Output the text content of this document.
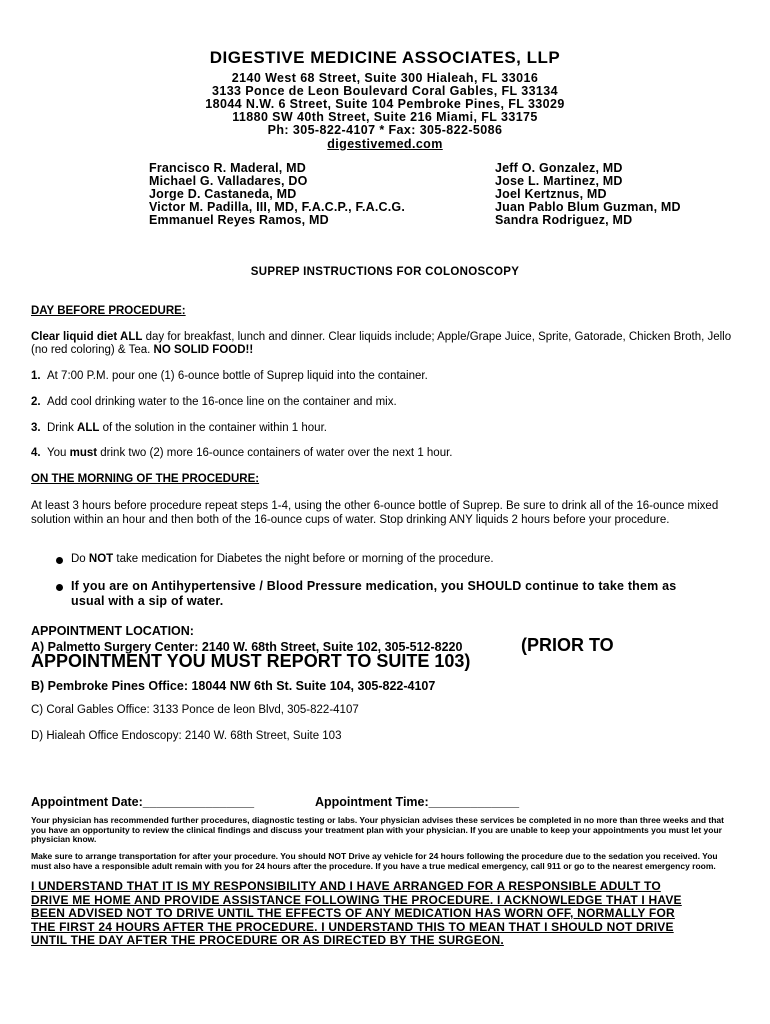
DIGESTIVE MEDICINE ASSOCIATES, LLP
2140 West 68 Street, Suite 300 Hialeah, FL 33016
3133 Ponce de Leon Boulevard Coral Gables, FL 33134
18044 N.W. 6 Street, Suite 104 Pembroke Pines, FL 33029
11880 SW 40th Street, Suite 216 Miami, FL 33175
Ph: 305-822-4107 * Fax: 305-822-5086
digestivemed.com
Francisco R. Maderal, MD
Michael G. Valladares, DO
Jorge D. Castaneda, MD
Victor M. Padilla, III, MD, F.A.C.P., F.A.C.G.
Emmanuel Reyes Ramos, MD
Jeff O. Gonzalez, MD
Jose L. Martinez, MD
Joel Kertznus, MD
Juan Pablo Blum Guzman, MD
Sandra Rodriguez, MD
SUPREP INSTRUCTIONS FOR COLONOSCOPY
DAY BEFORE PROCEDURE:
Clear liquid diet ALL day for breakfast, lunch and dinner. Clear liquids include; Apple/Grape Juice, Sprite, Gatorade, Chicken Broth, Jello (no red coloring) & Tea. NO SOLID FOOD!!
1. At 7:00 P.M. pour one (1) 6-ounce bottle of Suprep liquid into the container.
2. Add cool drinking water to the 16-once line on the container and mix.
3. Drink ALL of the solution in the container within 1 hour.
4. You must drink two (2) more 16-ounce containers of water over the next 1 hour.
ON THE MORNING OF THE PROCEDURE:
At least 3 hours before procedure repeat steps 1-4, using the other 6-ounce bottle of Suprep. Be sure to drink all of the 16-ounce mixed solution within an hour and then both of the 16-ounce cups of water. Stop drinking ANY liquids 2 hours before your procedure.
Do NOT take medication for Diabetes the night before or morning of the procedure.
If you are on Antihypertensive / Blood Pressure medication, you SHOULD continue to take them as
usual with a sip of water.
APPOINTMENT LOCATION:
A) Palmetto Surgery Center: 2140 W. 68th Street, Suite 102, 305-512-8220	(PRIOR TO
APPOINTMENT YOU MUST REPORT TO SUITE 103)
B) Pembroke Pines Office: 18044 NW 6th St. Suite 104, 305-822-4107
C) Coral Gables Office: 3133 Ponce de leon Blvd, 305-822-4107
D) Hialeah Office Endoscopy: 2140 W. 68th Street, Suite 103
Appointment Date:________________	Appointment Time:_____________
Your physician has recommended further procedures, diagnostic testing or labs. Your physician advises these services be completed in no more than three weeks and that you have an opportunity to review the clinical findings and discuss your treatment plan with your physician. If you are unable to keep your appointments you must let your physician know.
Make sure to arrange transportation for after your procedure. You should NOT Drive ay vehicle for 24 hours following the procedure due to the sedation you received. You must also have a responsible adult remain with you for 24 hours after the procedure. If you have a true medical emergency, call 911 or go to the nearest emergency room.
I UNDERSTAND THAT IT IS MY RESPONSIBILITY AND I HAVE ARRANGED FOR A RESPONSIBLE ADULT TO
DRIVE ME HOME AND PROVIDE ASSISTANCE FOLLOWING THE PROCEDURE. I ACKNOWLEDGE THAT I HAVE
BEEN ADVISED NOT TO DRIVE UNTIL THE EFFECTS OF ANY MEDICATION HAS WORN OFF, NORMALLY FOR
THE FIRST 24 HOURS AFTER THE PROCEDURE. I UNDERSTAND THIS TO MEAN THAT I SHOULD NOT DRIVE
UNTIL THE DAY AFTER THE PROCEDURE OR AS DIRECTED BY THE SURGEON.
